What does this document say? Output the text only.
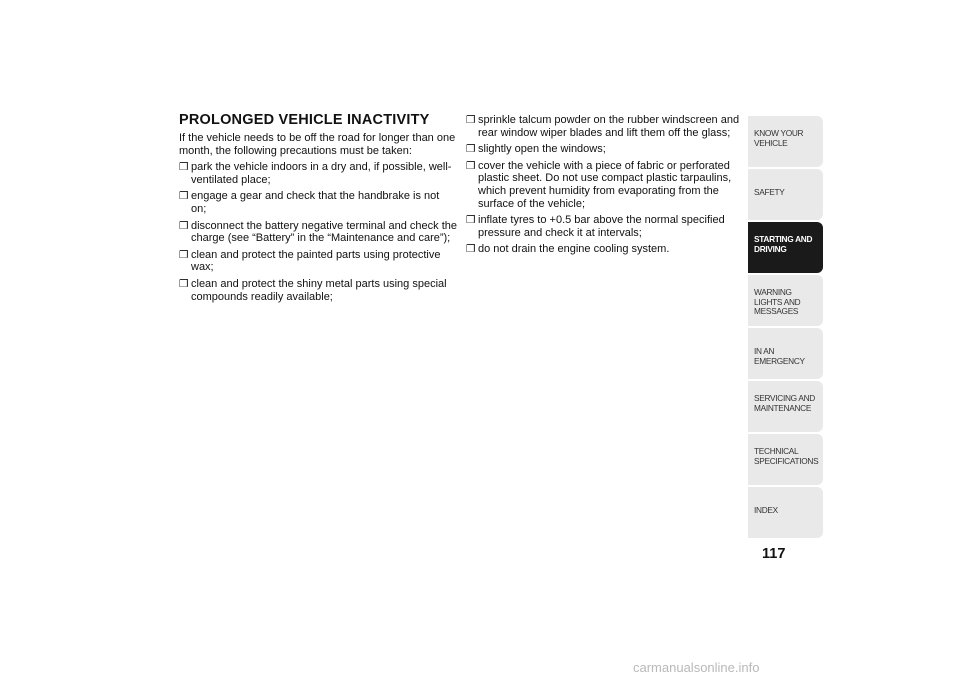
PROLONGED VEHICLE INACTIVITY

If the vehicle needs to be off the road for longer than one month, the following precautions must be taken:

❒ park the vehicle indoors in a dry and, if possible, well-ventilated place;
❒ engage a gear and check that the handbrake is not on;
❒ disconnect the battery negative terminal and check the charge (see “Battery” in the “Maintenance and care”);
❒ clean and protect the painted parts using protective wax;
❒ clean and protect the shiny metal parts using special compounds readily available;
❒ sprinkle talcum powder on the rubber windscreen and rear window wiper blades and lift them off the glass;
❒ slightly open the windows;
❒ cover the vehicle with a piece of fabric or perforated plastic sheet. Do not use compact plastic tarpaulins, which prevent humidity from evaporating from the surface of the vehicle;
❒ inflate tyres to +0.5 bar above the normal specified pressure and check it at intervals;
❒ do not drain the engine cooling system.
KNOW YOUR VEHICLE
SAFETY
STARTING AND DRIVING
WARNING LIGHTS AND MESSAGES
IN AN EMERGENCY
SERVICING AND MAINTENANCE
TECHNICAL SPECIFICATIONS
INDEX
117
carmanualsonline.info
